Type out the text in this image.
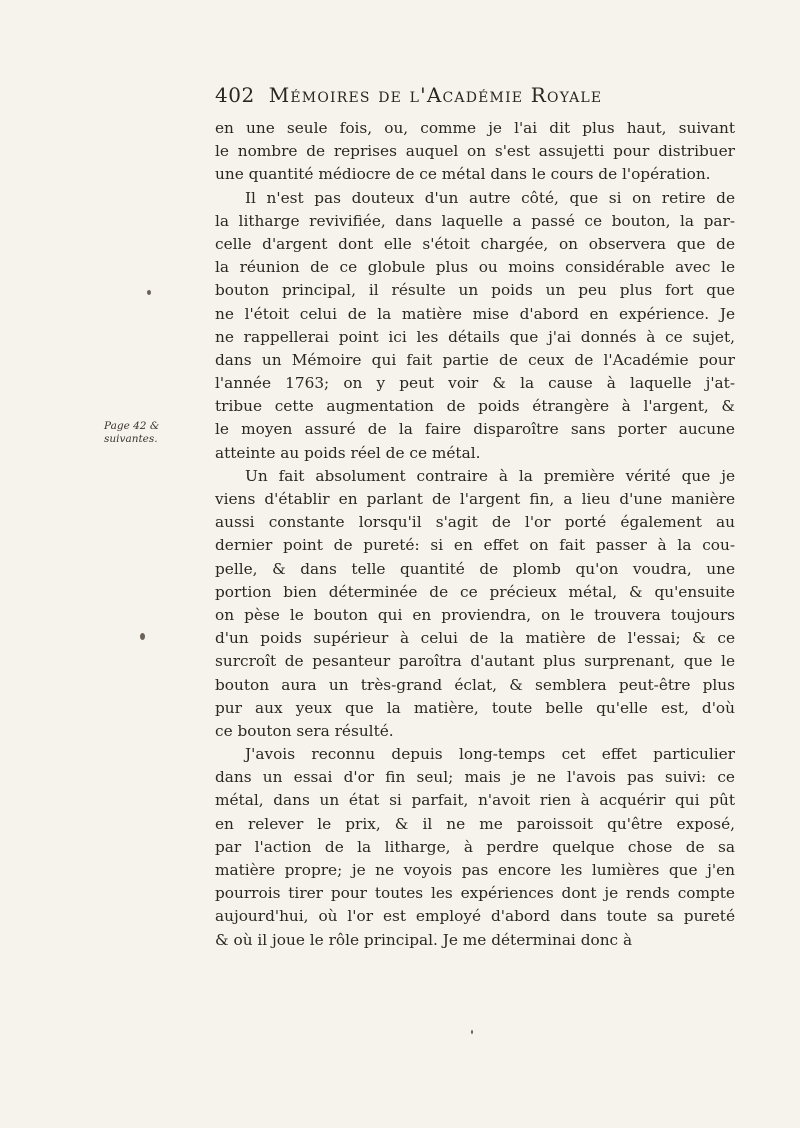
402 Mémoires de l'Académie Royale
Page 42 &
suivantes.
en une seule fois, ou, comme je l'ai dit plus haut, suivant
le nombre de reprises auquel on s'est assujetti pour distribuer
une quantité médiocre de ce métal dans le cours de l'opération.
Il n'est pas douteux d'un autre côté, que si on retire de
la litharge revivifiée, dans laquelle a passé ce bouton, la par-
celle d'argent dont elle s'étoit chargée, on observera que de
la réunion de ce globule plus ou moins considérable avec le
bouton principal, il résulte un poids un peu plus fort que
ne l'étoit celui de la matière mise d'abord en expérience. Je
ne rappellerai point ici les détails que j'ai donnés à ce sujet,
dans un Mémoire qui fait partie de ceux de l'Académie pour
l'année 1763; on y peut voir & la cause à laquelle j'at-
tribue cette augmentation de poids étrangère à l'argent, &
le moyen assuré de la faire disparoître sans porter aucune
atteinte au poids réel de ce métal.
Un fait absolument contraire à la première vérité que je
viens d'établir en parlant de l'argent fin, a lieu d'une manière
aussi constante lorsqu'il s'agit de l'or porté également au
dernier point de pureté: si en effet on fait passer à la cou-
pelle, & dans telle quantité de plomb qu'on voudra, une
portion bien déterminée de ce précieux métal, & qu'ensuite
on pèse le bouton qui en proviendra, on le trouvera toujours
d'un poids supérieur à celui de la matière de l'essai; & ce
surcroît de pesanteur paroîtra d'autant plus surprenant, que le
bouton aura un très-grand éclat, & semblera peut-être plus
pur aux yeux que la matière, toute belle qu'elle est, d'où
ce bouton sera résulté.
J'avois reconnu depuis long-temps cet effet particulier
dans un essai d'or fin seul; mais je ne l'avois pas suivi: ce
métal, dans un état si parfait, n'avoit rien à acquérir qui pût
en relever le prix, & il ne me paroissoit qu'être exposé,
par l'action de la litharge, à perdre quelque chose de sa
matière propre; je ne voyois pas encore les lumières que j'en
pourrois tirer pour toutes les expériences dont je rends compte
aujourd'hui, où l'or est employé d'abord dans toute sa pureté
& où il joue le rôle principal. Je me déterminai donc à
